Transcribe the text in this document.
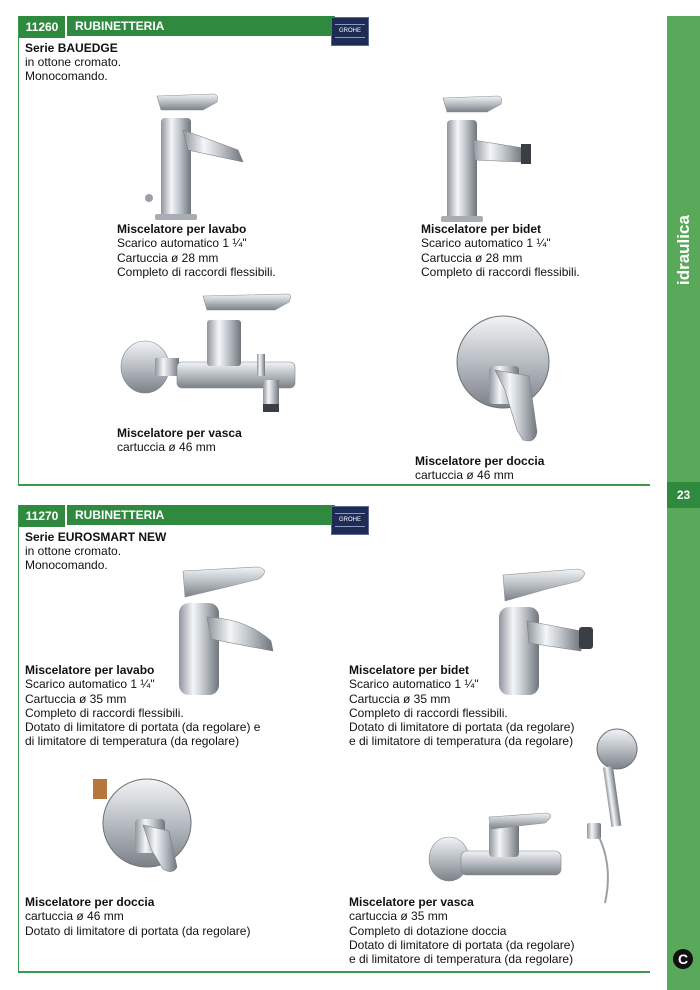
idraulica
23
C
11260	RUBINETTERIA	GROHE
Serie BAUEDGE
in ottone cromato.
Monocomando.
Miscelatore per lavabo
Scarico automatico 1 ¼"
Cartuccia ø 28 mm
Completo di raccordi flessibili.
Miscelatore per bidet
Scarico automatico 1 ¼"
Cartuccia ø 28 mm
Completo di raccordi flessibili.
Miscelatore per vasca
cartuccia ø 46 mm
Miscelatore per doccia
cartuccia ø 46 mm
11270	RUBINETTERIA	GROHE
Serie EUROSMART NEW
in ottone cromato.
Monocomando.
Miscelatore per lavabo
Scarico automatico 1 ¼"
Cartuccia ø 35 mm
Completo di raccordi flessibili.
Dotato di limitatore di portata (da regolare) e
di limitatore di temperatura (da regolare)
Miscelatore per bidet
Scarico automatico 1 ¼"
Cartuccia ø 35 mm
Completo di raccordi flessibili.
Dotato di limitatore di portata (da regolare)
e di limitatore di temperatura (da regolare)
Miscelatore per doccia
cartuccia ø 46 mm
Dotato di limitatore di portata (da regolare)
Miscelatore per vasca
cartuccia ø 35 mm
Completo di dotazione doccia
Dotato di limitatore di portata (da regolare)
e di limitatore di temperatura (da regolare)
